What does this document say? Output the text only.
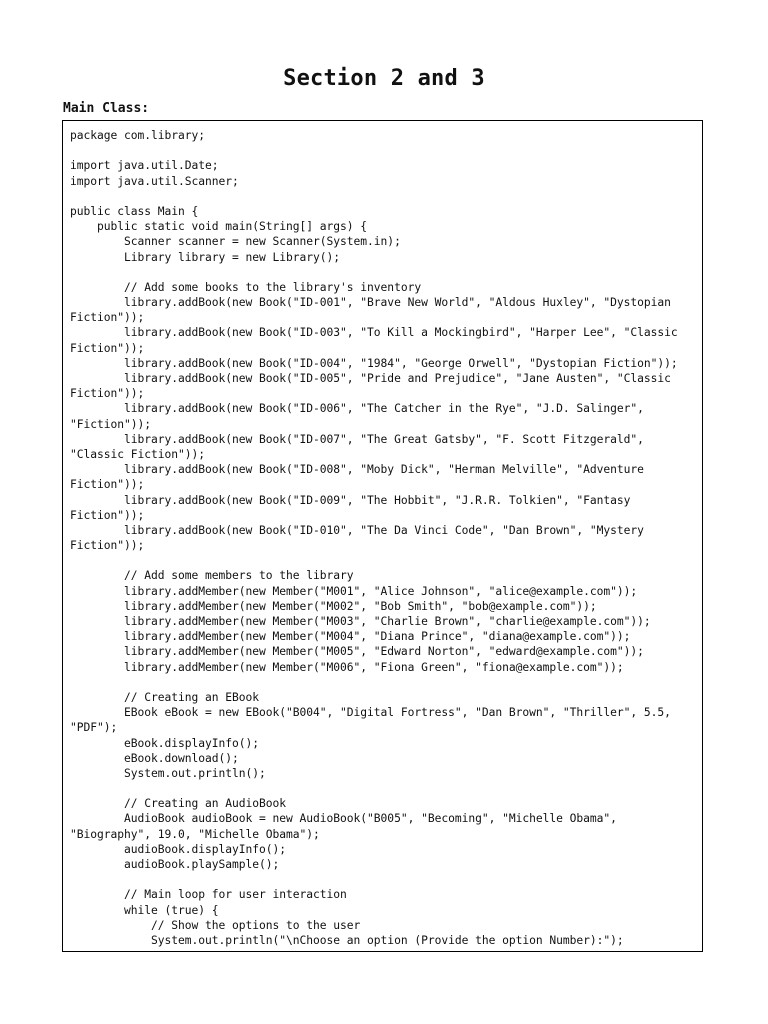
Section 2 and 3
Main Class:
package com.library;
import java.util.Date;
import java.util.Scanner;
public class Main {
public static void main(String[] args) {
Scanner scanner = new Scanner(System.in);
Library library = new Library();
// Add some books to the library's inventory
library.addBook(new Book("ID-001", "Brave New World", "Aldous Huxley", "Dystopian
Fiction"));
library.addBook(new Book("ID-003", "To Kill a Mockingbird", "Harper Lee", "Classic
Fiction"));
library.addBook(new Book("ID-004", "1984", "George Orwell", "Dystopian Fiction"));
library.addBook(new Book("ID-005", "Pride and Prejudice", "Jane Austen", "Classic
Fiction"));
library.addBook(new Book("ID-006", "The Catcher in the Rye", "J.D. Salinger",
"Fiction"));
library.addBook(new Book("ID-007", "The Great Gatsby", "F. Scott Fitzgerald",
"Classic Fiction"));
library.addBook(new Book("ID-008", "Moby Dick", "Herman Melville", "Adventure
Fiction"));
library.addBook(new Book("ID-009", "The Hobbit", "J.R.R. Tolkien", "Fantasy
Fiction"));
library.addBook(new Book("ID-010", "The Da Vinci Code", "Dan Brown", "Mystery
Fiction"));
// Add some members to the library
library.addMember(new Member("M001", "Alice Johnson", "alice@example.com"));
library.addMember(new Member("M002", "Bob Smith", "bob@example.com"));
library.addMember(new Member("M003", "Charlie Brown", "charlie@example.com"));
library.addMember(new Member("M004", "Diana Prince", "diana@example.com"));
library.addMember(new Member("M005", "Edward Norton", "edward@example.com"));
library.addMember(new Member("M006", "Fiona Green", "fiona@example.com"));
// Creating an EBook
EBook eBook = new EBook("B004", "Digital Fortress", "Dan Brown", "Thriller", 5.5,
"PDF");
eBook.displayInfo();
eBook.download();
System.out.println();
// Creating an AudioBook
AudioBook audioBook = new AudioBook("B005", "Becoming", "Michelle Obama",
"Biography", 19.0, "Michelle Obama");
audioBook.displayInfo();
audioBook.playSample();
// Main loop for user interaction
while (true) {
// Show the options to the user
System.out.println("\nChoose an option (Provide the option Number):");
